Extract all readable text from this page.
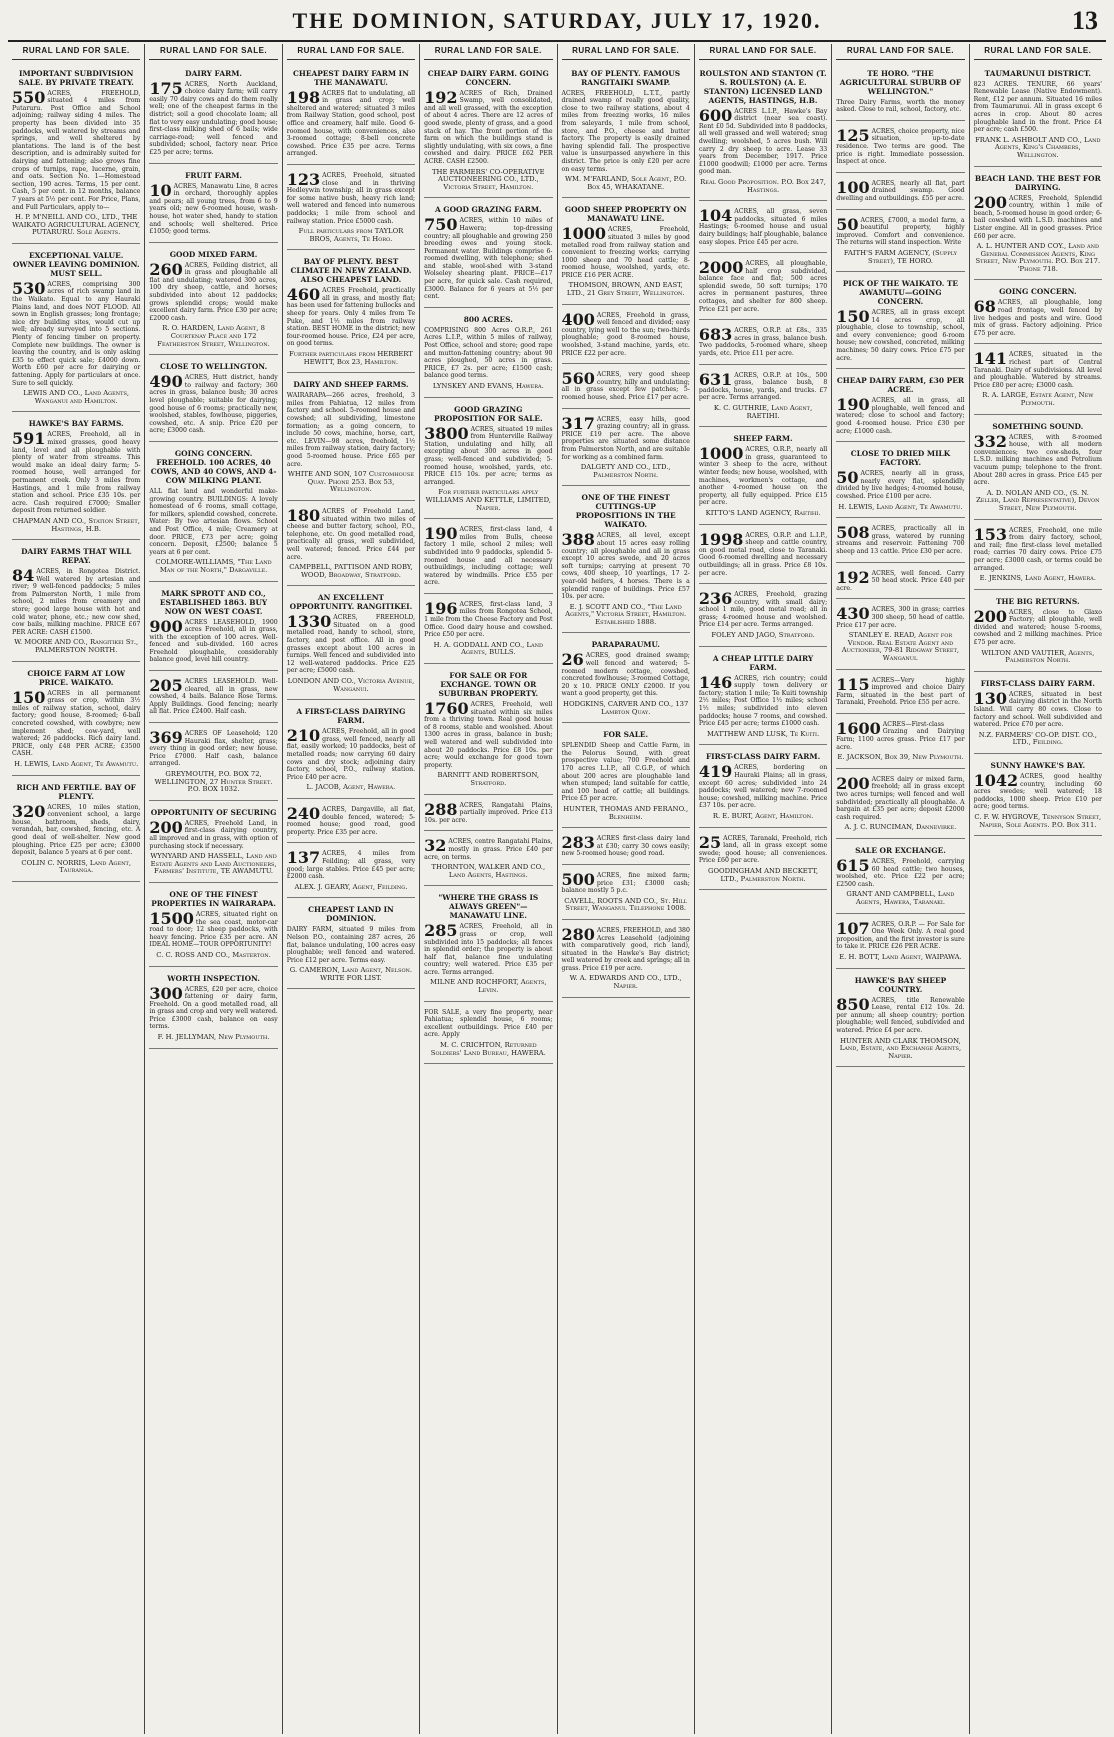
THE DOMINION, SATURDAY, JULY 17, 1920.	13
RURAL LAND FOR SALE.
IMPORTANT SUBDIVISION SALE. BY PRIVATE TREATY.

550 ACRES, FREEHOLD, situated 4 miles from Putaruru. Post Office and School adjoining; railway siding 4 miles. The property has been divided into 35 paddocks, well watered by streams and springs, and well sheltered by plantations. The land is of the best description, and is admirably suited for dairying and fattening; also grows fine crops of turnips, rape, lucerne, grain, and oats. Section No. 1—Homestead section, 190 acres. Terms, 15 per cent. Cash, 5 per cent. in 12 months, balance 7 years at 5½ per cent. For Price, Plans, and Full Particulars, apply to—

H. P. M'NEILL AND CO., LTD., THE WAIKATO AGRICULTURAL AGENCY, PUTARURU. Sole Agents.
EXCEPTIONAL VALUE. OWNER LEAVING DOMINION. MUST SELL.

530 ACRES, comprising 300 acres of rich swamp land in the Waikato. Equal to any Hauraki Plains land, and does NOT FLOOD. All sown in English grasses; long frontage; nice dry building sites, would cut up well; already surveyed into 5 sections. Plenty of fencing timber on property. Complete new buildings. The owner is leaving the country, and is only asking £35 to effect quick sale; £4000 down. Worth £60 per acre for dairying or fattening. Apply for particulars at once. Sure to sell quickly.

LEWIS AND CO., Land Agents, Wanganui and Hamilton.
HAWKE'S BAY FARMS.

591 ACRES, Freehold, all in mixed grasses, good heavy land, level and all ploughable with plenty of water from streams. This would make an ideal dairy farm; 5-roomed house, well arranged for permanent creek. Only 3 miles from Hastings, and 1 mile from railway station and school. Price £35 10s. per acre. Cash required £7000; Smaller deposit from returned soldier.

CHAPMAN AND CO., Station Street, Hastings, H.B.
DAIRY FARMS THAT WILL REPAY.

84 ACRES, in Rongotea District. Well watered by artesian and river; 9 well-fenced paddocks; 5 miles from Palmerston North, 1 mile from school, 2 miles from creamery and store; good large house with hot and cold water, phone, etc.; new cow shed, cow bails, milking machine. PRICE £67 PER ACRE: CASH £1500.

W. MOORE AND CO., Rangitikei St., PALMERSTON NORTH.
CHOICE FARM AT LOW PRICE. WAIKATO.

150 ACRES in all permanent grass or crop, within 3½ miles of railway station, school, dairy factory; good house, 8-roomed; 6-ball concreted cowshed, with cowbyre; new implement shed; cow-yard, well watered; 26 paddocks. Rich dairy land. PRICE, only £48 PER ACRE; £3500 CASH.

H. LEWIS, Land Agent, Te Awamutu.
RICH AND FERTILE. BAY OF PLENTY.

320 ACRES, 10 miles station, convenient school, a large house, bathroom, sheds, dairy, verandah, bar, cowshed, fencing, etc. A good deal of well-shelter. New good ploughing. Price £25 per acre; £3000 deposit, balance 5 years at 6 per cent.

COLIN C. NORRIS, Land Agent, Tauranga.
RURAL LAND FOR SALE.
DAIRY FARM.

175 ACRES, North Auckland, choice dairy farm; will carry easily 70 dairy cows and do them really well; one of the cheapest farms in the district; soil a good chocolate loam; all flat to very easy undulating; good house; first-class milking shed of 6 bails; wide carriage-road; well fenced and subdivided; school, factory near. Price £25 per acre; terms.

FRUIT FARM.

10 ACRES, Manawatu Line, 8 acres in orchard, thoroughly apples and pears; all young trees, from 6 to 9 years old; new 6-roomed house, wash-house, hot water shed, handy to station and schools; well sheltered. Price £1050; good terms.

GOOD MIXED FARM.

260 ACRES, Feilding district, all in grass and ploughable all flat and undulating; watered 300 acres, 100 dry sheep, cattle, and horses; subdivided into about 12 paddocks; grows splendid crops; would make excellent dairy farm. Price £30 per acre; £2000 cash.

R. O. HARDEN, Land Agent, 8 Courtenay Place and 172 Featherston Street, Wellington.
CLOSE TO WELLINGTON.

490 ACRES, Hutt district, handy to railway and factory; 360 acres in grass, balance bush; 30 acres level ploughable; suitable for dairying; good house of 6 rooms; practically new, woolshed, stables, fowlhouse, piggeries, cowshed, etc. A snip. Price £20 per acre; £3000 cash.

GOING CONCERN. FREEHOLD. 100 ACRES, 40 COWS, AND 40 COWS, AND 4-COW MILKING PLANT.

ALL flat land and wonderful make-growing country. BUILDINGS: A lovely homestead of 6 rooms, small cottage, for milkers, splendid cowshed, concrete. Water: By two artesian flows. School and Post Office, 4 mile; Creamery at door. PRICE, £73 per acre; going concern. Deposit, £2500; balance 5 years at 6 per cent.

COLMORE-WILLIAMS, "The Land Man of the North," Dargaville.
MARK SPROTT AND CO., ESTABLISHED 1863. BUY NOW ON WEST COAST.

900 ACRES LEASEHOLD, 1900 acres Freehold, all in grass, with the exception of 100 acres. Well-fenced and sub-divided. 160 acres Freehold ploughable, considerably balance good, level hill country.

205 ACRES LEASEHOLD. Well-cleared, all in grass, new cowshed, 4 bails. Balance Rose Terms. Apply Buildings. Good fencing; nearly all flat. Price £2400. Half cash.

369 ACRES OF Leasehold; 120 Hauraki flax, shelter, grass; every thing in good order; new house. Price £7000. Half cash, balance arranged.

GREYMOUTH, P.O. BOX 72, WELLINGTON, 27 Hunter Street. P.O. BOX 1032.
OPPORTUNITY OF SECURING

200 ACRES, Freehold Land, in first-class dairying country, all improved and in grass, with option of purchasing stock if necessary.

WYNYARD AND HASSELL, Land and Estate Agents and Land Auctioneers, Farmers' Institute, TE AWAMUTU.
ONE OF THE FINEST PROPERTIES IN WAIRARAPA.

1500 ACRES, situated right on the sea coast, motor-car road to door; 12 sheep paddocks, with heavy fencing. Price £35 per acre. AN IDEAL HOME—TOUR OPPORTUNITY!

C. C. ROSS AND CO., Masterton.
WORTH INSPECTION.

300 ACRES, £20 per acre, choice fattening or dairy farm, Freehold. On a good metalled road, all in grass and crop and very well watered. Price £3000 cash, balance on easy terms.

F. H. JELLYMAN, New Plymouth.
RURAL LAND FOR SALE.
CHEAPEST DAIRY FARM IN THE MANAWATU.

198 ACRES flat to undulating, all in grass and crop; well sheltered and watered; situated 3 miles from Railway Station, good school, post office and creamery, half mile. Good 6-roomed house, with conveniences, also 3-roomed cottage; 8-bell concrete cowshed. Price £35 per acre. Terms arranged.

123 ACRES, Freehold, situated close and in thriving Hedleywin township; all in grass except for some native bush, heavy rich land; well watered and fenced into numerous paddocks; 1 mile from school and railway station. Price £5000 cash.

Full particulars from TAYLOR BROS, Agents, Te Horo.
BAY OF PLENTY. BEST CLIMATE IN NEW ZEALAND. ALSO CHEAPEST LAND.

460 ACRES Freehold, practically all in grass, and mostly flat; has been used for fattening bullocks and sheep for years. Only 4 miles from Te Puke, and 1½ miles from railway station. BEST HOME in the district; new four-roomed house. Price, £24 per acre, on good terms.

Further particulars from HERBERT HEWITT, Box 23, Hamilton.
DAIRY AND SHEEP FARMS.

WAIRARAPA—266 acres, freehold, 3 miles from Pahiatua, 12 miles from factory and school. 5-roomed house and cowshed; all subdividing, limestone formation; as a going concern, to include 50 cows, machine, horse, cart, etc. LEVIN—98 acres, freehold, 1½ miles from railway station, dairy factory; good 5-roomed house. Price £65 per acre.

WHITE AND SON, 107 Customhouse Quay. Phone 253. Box 53, Wellington.

180 ACRES of Freehold Land, situated within two miles of cheese and butter factory, school, P.O., telephone, etc. On good metalled road, practically all grass, well subdivided, well watered; fenced. Price £44 per acre.

CAMPBELL, PATTISON AND ROBY, WOOD, Broadway, Stratford.
AN EXCELLENT OPPORTUNITY. RANGITIKEI.

1330 ACRES, FREEHOLD, Situated on a good metalled road, handy to school, store, factory, and post office. All in good grasses except about 100 acres in turnips. Well fenced and subdivided into 12 well-watered paddocks. Price £25 per acre; £5000 cash.

LONDON AND CO., Victoria Avenue, Wanganui.
A FIRST-CLASS DAIRYING FARM.

210 ACRES, Freehold, all in good grass, well fenced, nearly all flat, easily worked; 10 paddocks, best of metalled roads; now carrying 60 dairy cows and dry stock; adjoining dairy factory, school, P.O., railway station. Price £40 per acre.

L. JACOB, Agent, Hawera.

240 ACRES, Dargaville, all flat, double fenced, watered; 5-roomed house; good road, good property. Price £35 per acre.

137 ACRES, 4 miles from Feilding; all grass, very good; large stables. Price £45 per acre; £2000 cash.

ALEX. J. GEARY, Agent, Feilding.
CHEAPEST LAND IN DOMINION.

DAIRY FARM, situated 9 miles from Nelson P.O., containing 287 acres, 26 flat, balance undulating, 100 acres easy ploughable; well fenced and watered. Price £12 per acre. Terms easy.

G. CAMERON, Land Agent, Nelson. WRITE FOR LIST.
RURAL LAND FOR SALE.
CHEAP DAIRY FARM. GOING CONCERN.

192 ACRES of Rich, Drained Swamp, well consolidated, and all well grassed, with the exception of about 4 acres. There are 12 acres of good swede, plenty of grass, and a good stack of hay. The front portion of the farm on which the buildings stand is slightly undulating, with six cows, a fine cowshed and dairy. PRICE £62 PER ACRE. CASH £2500.

THE FARMERS' CO-OPERATIVE AUCTIONEERING CO., LTD., Victoria Street, Hamilton.
A GOOD GRAZING FARM.

750 ACRES, within 10 miles of Hawera; top-dressing country; all ploughable and growing 250 breeding ewes and young stock. Permanent water. Buildings comprise 6-roomed dwelling, with telephone; shed and stable, wool-shed with 3-stand Wolseley shearing plant. PRICE—£17 per acre, for quick sale. Cash required, £3000. Balance for 6 years at 5½ per cent.

800 ACRES.

COMPRISING 800 Acres O.R.P., 261 Acres L.I.P., within 5 miles of railway, Post Office, school and store; good rape and mutton-fattening country; about 90 acres ploughed, 50 acres in grass. PRICE, £7 2s. per acre; £1500 cash; balance good terms.

LYNSKEY AND EVANS, Hawera.
GOOD GRAZING PROPOSITION FOR SALE.

3800 ACRES, situated 19 miles from Hunterville Railway Station, undulating and hilly, all excepting about 300 acres in good grass; well-fenced and subdivided; 5-roomed house, woolshed, yards, etc. PRICE £15 10s. per acre; terms as arranged.

For further particulars apply WILLIAMS AND KETTLE, LIMITED, Napier.

190 ACRES, first-class land, 4 miles from Bulls, cheese factory 1 mile, school 2 miles; well subdivided into 9 paddocks, splendid 5-roomed house and all necessary outbuildings, including cottage; well watered by windmills. Price £55 per acre.

196 ACRES, first-class land, 3 miles from Rongotea School, 1 mile from the Cheese Factory and Post Office. Good dairy house and cowshed. Price £50 per acre.

H. A. GODDALL AND CO., Land Agents, BULLS.
FOR SALE OR FOR EXCHANGE. TOWN OR SUBURBAN PROPERTY.

1760 ACRES, Freehold, well situated within six miles from a thriving town. Real good house of 8 rooms, stable and woolshed. About 1300 acres in grass, balance in bush; well watered and well subdivided into about 20 paddocks. Price £8 10s. per acre; would exchange for good town property.

BARNITT AND ROBERTSON, Stratford.

288 ACRES, Rangatahi Plains, partially improved. Price £13 10s. per acre.

32 ACRES, centre Rangatahi Plains, mostly in grass. Price £40 per acre, on terms.

THORNTON, WALKER AND CO., Land Agents, Hastings.
"WHERE THE GRASS IS ALWAYS GREEN"—MANAWATU LINE.

285 ACRES, Freehold, all in grass or crop, well subdivided into 15 paddocks; all fences in splendid order; the property is about half flat, balance fine undulating country; well watered. Price £35 per acre. Terms arranged.

MILNE AND ROCHFORT, Agents, Levin.

FOR SALE, a very fine property, near Pahiatua; splendid house, 6 rooms; excellent outbuildings. Price £40 per acre. Apply

M. C. CRICHTON, Returned Soldiers' Land Bureau, HAWERA.
RURAL LAND FOR SALE.
BAY OF PLENTY. FAMOUS RANGITAIKI SWAMP.

ACRES, FREEHOLD, L.T.T., partly drained swamp of really good quality, close to two railway stations, about 4 miles from freezing works, 16 miles from saleyards, 1 mile from school, store, and P.O., cheese and butter factory. The property is easily drained having splendid fall. The prospective value is unsurpassed anywhere in this district. The price is only £20 per acre on easy terms.

WM. M'FARLAND, Sole Agent, P.O. Box 45, WHAKATANE.
GOOD SHEEP PROPERTY ON MANAWATU LINE.

1000 ACRES, Freehold, situated 3 miles by good metalled road from railway station and convenient to freezing works; carrying 1000 sheep and 70 head cattle; 8-roomed house, woolshed, yards, etc. PRICE £16 PER ACRE.

THOMSON, BROWN, AND EAST, LTD., 21 Grey Street, Wellington.

400 ACRES, Freehold in grass, well fenced and divided; easy country, lying well to the sun; two-thirds ploughable; good 8-roomed house, woolshed, 3-stand machine, yards, etc. PRICE £22 per acre.

560 ACRES, very good sheep country, hilly and undulating; all in grass except few patches; 5-roomed house, shed. Price £17 per acre.

317 ACRES, easy hills, good grazing country; all in grass. PRICE £19 per acre. The above properties are situated some distance from Palmerston North, and are suitable for working as a combined farm.

DALGETY AND CO., LTD., Palmerston North.
ONE OF THE FINEST CUTTINGS-UP PROPOSITIONS IN THE WAIKATO.

388 ACRES, all level, except about 15 acres easy rolling country; all ploughable and all in grass except 10 acres swede, and 20 acres soft turnips; carrying at present 70 cows, 400 sheep, 10 yearlings, 17 2-year-old heifers, 4 horses. There is a splendid range of buildings. Price £57 10s. per acre.

E. J. SCOTT AND CO., "The Land Agents," Victoria Street, Hamilton. Established 1888.
PARAPARAUMU.

26 ACRES, good drained swamp; well fenced and watered; 5-roomed modern cottage, cowshed, concreted fowlhouse; 3-roomed Cottage, 20 x 10. PRICE ONLY £2000. If you want a good property, get this.

HODGKINS, CARVER AND CO., 137 Lambton Quay.
FOR SALE.

SPLENDID Sheep and Cattle Farm, in the Pelorus Sound, with great prospective value; 700 Freehold and 170 acres L.I.P., all C.G.P., of which about 200 acres are ploughable land when stumped; land suitable for cattle, and 100 head of cattle; all buildings. Price £5 per acre.

HUNTER, THOMAS AND FERANO., Blenheim.

283 ACRES first-class dairy land at £30; carry 30 cows easily; new 5-roomed house; good road.

500 ACRES, fine mixed farm; price £31; £3000 cash; balance mostly 5 p.c.

CAVELL, ROOTS AND CO., St. Hill Street, Wanganui. Telephone 1008.

280 ACRES, FREEHOLD, and 380 Acres Leasehold (adjoining with comparatively good, rich land), situated in the Hawke's Bay district; well watered by creek and springs; all in grass. Price £19 per acre.

W. A. EDWARDS AND CO., LTD., Napier.
RURAL LAND FOR SALE.
ROULSTON AND STANTON (T. S. ROULSTON) (A. E. STANTON) LICENSED LAND AGENTS, HASTINGS, H.B.

600 ACRES L.I.P., Hawke's Bay district (near sea coast). Rent £0 5d. Subdivided into 8 paddocks, all well grassed and well watered; snug dwelling; woolshed, 5 acres bush. Will carry 2 dry sheep to acre. Lease 33 years from December, 1917. Price £1000 goodwill; £1000 per acre. Terms good man.

Real Good Proposition. P.O. Box 247, Hastings.

104 ACRES, all grass, seven paddocks, situated 6 miles Hastings; 6-roomed house and usual dairy buildings; half ploughable, balance easy slopes. Price £45 per acre.

2000 ACRES, all ploughable, half crop subdivided, balance face and flat; 500 acres splendid swede, 50 soft turnips; 170 acres in permanent pastures, three cottages, and shelter for 800 sheep. Price £21 per acre.

683 ACRES, O.R.P. at £8s., 335 acres in grass, balance bush. Two paddocks, 5-roomed whare, sheep yards, etc. Price £11 per acre.

631 ACRES, O.R.P. at 10s., 500 grass, balance bush, 8 paddocks, house, yards, and trucks. £7 per acre. Terms arranged.

K. C. GUTHRIE, Land Agent, RAETIHI.
SHEEP FARM.

1000 ACRES, O.R.P., nearly all in grass, guaranteed to winter 3 sheep to the acre, without winter feeds; new house, woolshed, with machines, workmen's cottage, and another 4-roomed house on the property, all fully equipped. Price £15 per acre.

KITTO'S LAND AGENCY, Raetihi.

1998 ACRES, O.R.P. and L.I.P., sheep and cattle country, on good metal road, close to Taranaki. Good 6-roomed dwelling and necessary outbuildings; all in grass. Price £8 10s. per acre.

236 ACRES, Freehold, grazing country, with small dairy; school 1 mile, good metal road; all in grass; 4-roomed house and woolshed. Price £14 per acre. Terms arranged.

FOLEY AND JAGO, Stratford.
A CHEAP LITTLE DAIRY FARM.

146 ACRES, rich country; could supply town delivery or factory; station 1 mile; Te Kuiti township 2½ miles; Post Office 1½ miles; school 1½ miles; subdivided into eleven paddocks; house 7 rooms, and cowshed. Price £45 per acre; terms £1000 cash.

MATTHEW AND LUSK, Te Kuiti.
FIRST-CLASS DAIRY FARM.

419 ACRES, bordering on Hauraki Plains; all in grass, except 60 acres; subdivided into 24 paddocks; well watered; new 7-roomed house; cowshed, milking machine. Price £37 10s. per acre.

R. E. BURT, Agent, Hamilton.

25 ACRES, Taranaki, Freehold, rich land, all in grass except some swede; good house; all conveniences. Price £60 per acre.

GOODINGHAM AND BECKETT, LTD., Palmerston North.
RURAL LAND FOR SALE.
TE HORO. "THE AGRICULTURAL SUBURB OF WELLINGTON."

Three Dairy Farms, worth the money asked. Close to rail, school, factory, etc.

125 ACRES, choice property, nice situation, up-to-date residence. Two terms are good. The price is right. Immediate possession. Inspect at once.

100 ACRES, nearly all flat, part drained swamp. Good dwelling and outbuildings. £55 per acre.

50 ACRES, £7000, a model farm, a beautiful property, highly improved. Comfort and convenience. The returns will stand inspection. Write

FAITH'S FARM AGENCY, (Supply Street), TE HORO.
PICK OF THE WAIKATO. TE AWAMUTU—GOING CONCERN.

150 ACRES, all in grass except 14 acres crop, all ploughable, close to township, school, and every convenience; good 6-room house; new cowshed, concreted, milking machines; 50 dairy cows. Price £75 per acre.

CHEAP DAIRY FARM, £30 PER ACRE.

190 ACRES, all in grass, all ploughable, well fenced and watered; close to school and factory; good 4-roomed house. Price £30 per acre; £1000 cash.

CLOSE TO DRIED MILK FACTORY.

50 ACRES, nearly all in grass, nearly every flat, splendidly divided by live hedges; 4-roomed house, cowshed. Price £100 per acre.

H. LEWIS, Land Agent, Te Awamutu.

508 ACRES, practically all in grass, watered by running streams and reservoir. Fattening 700 sheep and 13 cattle. Price £30 per acre.

192 ACRES, well fenced. Carry 50 head stock. Price £40 per acre.

430 ACRES, 300 in grass; carries 300 sheep, 50 head of cattle. Price £17 per acre.

STANLEY E. READ, Agent for Vendor. Real Estate Agent and Auctioneer, 79-81 Ridgway Street, Wanganui.

115 ACRES—Very highly improved and choice Dairy Farm, situated in the best part of Taranaki, Freehold. Price £55 per acre.

1600 ACRES—First-class Grazing and Dairying Farm; 1100 acres grass. Price £17 per acre.

E. JACKSON, Box 39, New Plymouth.

200 ACRES dairy or mixed farm, freehold; all in grass except two acres turnips; well fenced and well subdivided; practically all ploughable. A bargain at £35 per acre; deposit £2000 cash required.

A. J. C. RUNCIMAN, Dannevirke.
SALE OR EXCHANGE.

615 ACRES, Freehold, carrying 60 head cattle; two houses, woolshed, etc. Price £22 per acre; £2500 cash.

GRANT AND CAMPBELL, Land Agents, Hawera, Taranaki.

107 ACRES, O.R.P. — For Sale for One Week Only. A real good proposition, and the first investor is sure to take it. PRICE £26 PER ACRE.

E. H. BOTT, Land Agent, WAIPAWA.
HAWKE'S BAY SHEEP COUNTRY.

850 ACRES, title Renewable Lease, rental £12 10s. 2d. per annum; all sheep country; portion ploughable; well fenced, subdivided and watered. Price £4 per acre.

HUNTER AND CLARK THOMSON, Land, Estate, and Exchange Agents, Napier.
RURAL LAND FOR SALE.
TAUMARUNUI DISTRICT.

823 ACRES. TENURE, 66 years' Renewable Lease (Native Endowment). Rent, £12 per annum. Situated 16 miles from Taumarunui. All in grass except 6 acres in crop. About 80 acres ploughable land in the front. Price £4 per acre; cash £500.

FRANK L. ASHBOLT AND CO., Land Agents, King's Chambers, Wellington.
BEACH LAND. THE BEST FOR DAIRYING.

200 ACRES, Freehold, Splendid country, within 1 mile of beach, 5-roomed house in good order; 6-bail cowshed with L.S.D. machines and Lister engine. All in good grasses. Price £60 per acre.

A. L. HUNTER AND COY., Land and General Commission Agents, King Street, New Plymouth. P.O. Box 217. 'Phone 718.
GOING CONCERN.

68 ACRES, all ploughable, long road frontage, well fenced by live hedges and posts and wire. Good mix of grass. Factory adjoining. Price £75 per acre.

141 ACRES, situated in the richest part of Central Taranaki. Dairy of subdivisions. All level and ploughable. Watered by streams. Price £80 per acre; £3000 cash.

R. A. LARGE, Estate Agent, New Plymouth.
SOMETHING SOUND.

332 ACRES, with 8-roomed house, with all modern conveniences; two cow-sheds, four L.S.D. milking machines and Petrolium vacuum pump; telephone to the front. About 280 acres in grass. Price £45 per acre.

A. D. NOLAN AND CO., (S. N. Zeller, Land Representative), Devon Street, New Plymouth.

153 ACRES, Freehold, one mile from dairy factory, school, and rail; fine first-class level metalled road; carries 70 dairy cows. Price £75 per acre; £3000 cash, or terms could be arranged.

E. JENKINS, Land Agent, Hawera.
THE BIG RETURNS.

200 ACRES, close to Glaxo Factory; all ploughable, well divided and watered; house 5-rooms, cowshed and 2 milking machines. Price £75 per acre.

WILTON AND VAUTIER, Agents, Palmerston North.
FIRST-CLASS DAIRY FARM.

130 ACRES, situated in best dairying district in the North Island. Will carry 80 cows. Close to factory and school. Well subdivided and watered. Price £70 per acre.

N.Z. FARMERS' CO-OP. DIST. CO., LTD., Feilding.
SUNNY HAWKE'S BAY.

1042 ACRES, good healthy country, including 60 acres swedes; well watered; 18 paddocks, 1000 sheep. Price £10 per acre; good terms.

C. F. W. HYGROVE, Tennyson Street, Napier, Sole Agents. P.O. Box 311.
